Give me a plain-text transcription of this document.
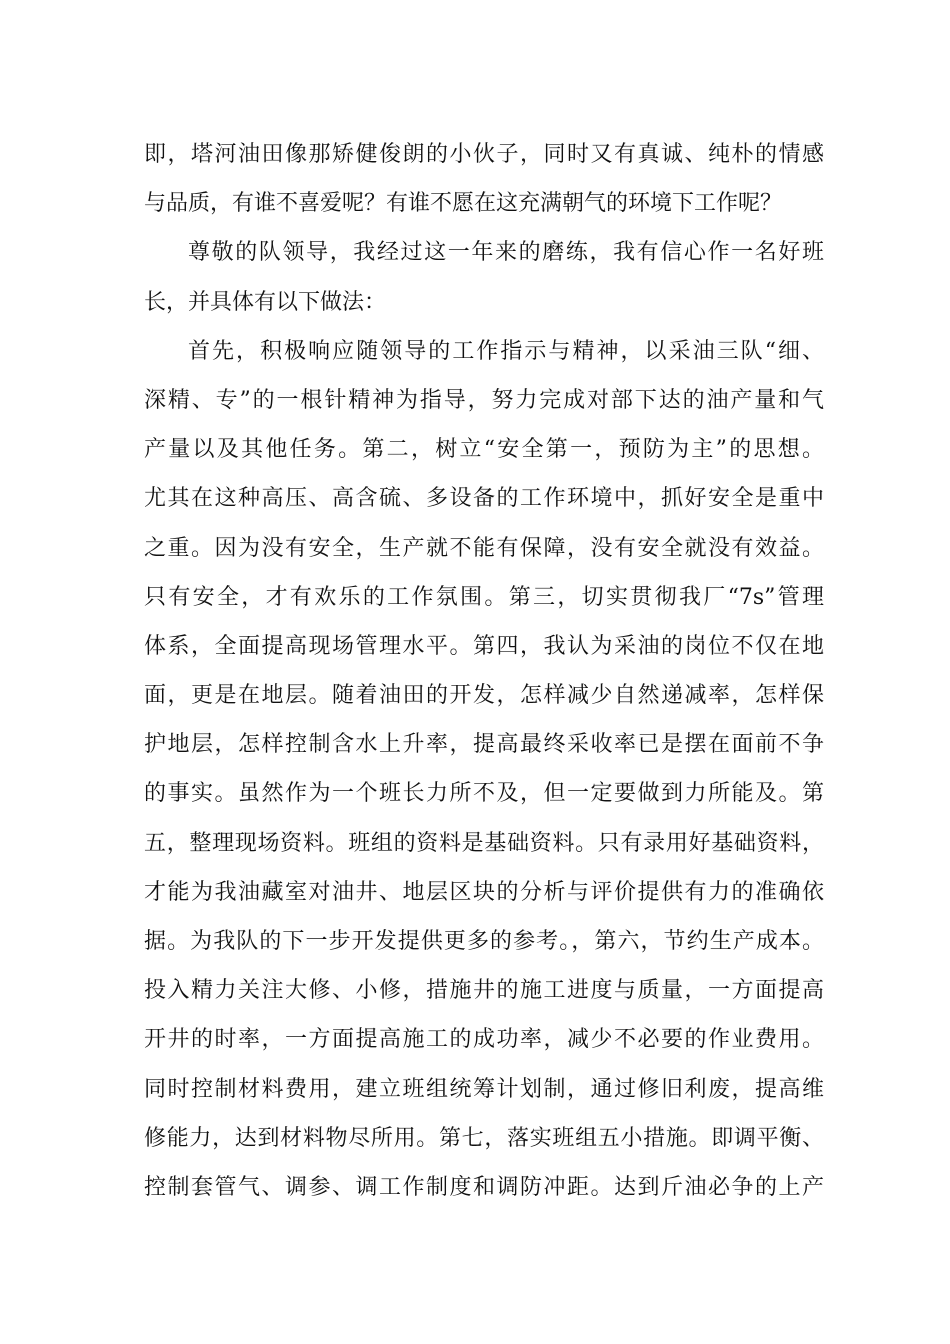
即，塔河油田像那矫健俊朗的小伙子，同时又有真诚、纯朴的情感
与品质，有谁不喜爱呢？有谁不愿在这充满朝气的环境下工作呢？
尊敬的队领导，我经过这一年来的磨练，我有信心作一名好班
长，并具体有以下做法：
首先，积极响应随领导的工作指示与精神，以采油三队“细、
深精、专”的一根针精神为指导，努力完成对部下达的油产量和气
产量以及其他任务。第二，树立“安全第一，预防为主”的思想。
尤其在这种高压、高含硫、多设备的工作环境中，抓好安全是重中
之重。因为没有安全，生产就不能有保障，没有安全就没有效益。
只有安全，才有欢乐的工作氛围。第三，切实贯彻我厂“7s”管理
体系，全面提高现场管理水平。第四，我认为采油的岗位不仅在地
面，更是在地层。随着油田的开发，怎样减少自然递减率，怎样保
护地层，怎样控制含水上升率，提高最终采收率已是摆在面前不争
的事实。虽然作为一个班长力所不及，但一定要做到力所能及。第
五，整理现场资料。班组的资料是基础资料。只有录用好基础资料，
才能为我油藏室对油井、地层区块的分析与评价提供有力的准确依
据。为我队的下一步开发提供更多的参考。，第六，节约生产成本。
投入精力关注大修、小修，措施井的施工进度与质量，一方面提高
开井的时率，一方面提高施工的成功率，减少不必要的作业费用。
同时控制材料费用，建立班组统筹计划制，通过修旧利废，提高维
修能力，达到材料物尽所用。第七，落实班组五小措施。即调平衡、
控制套管气、调参、调工作制度和调防冲距。达到斤油必争的上产
